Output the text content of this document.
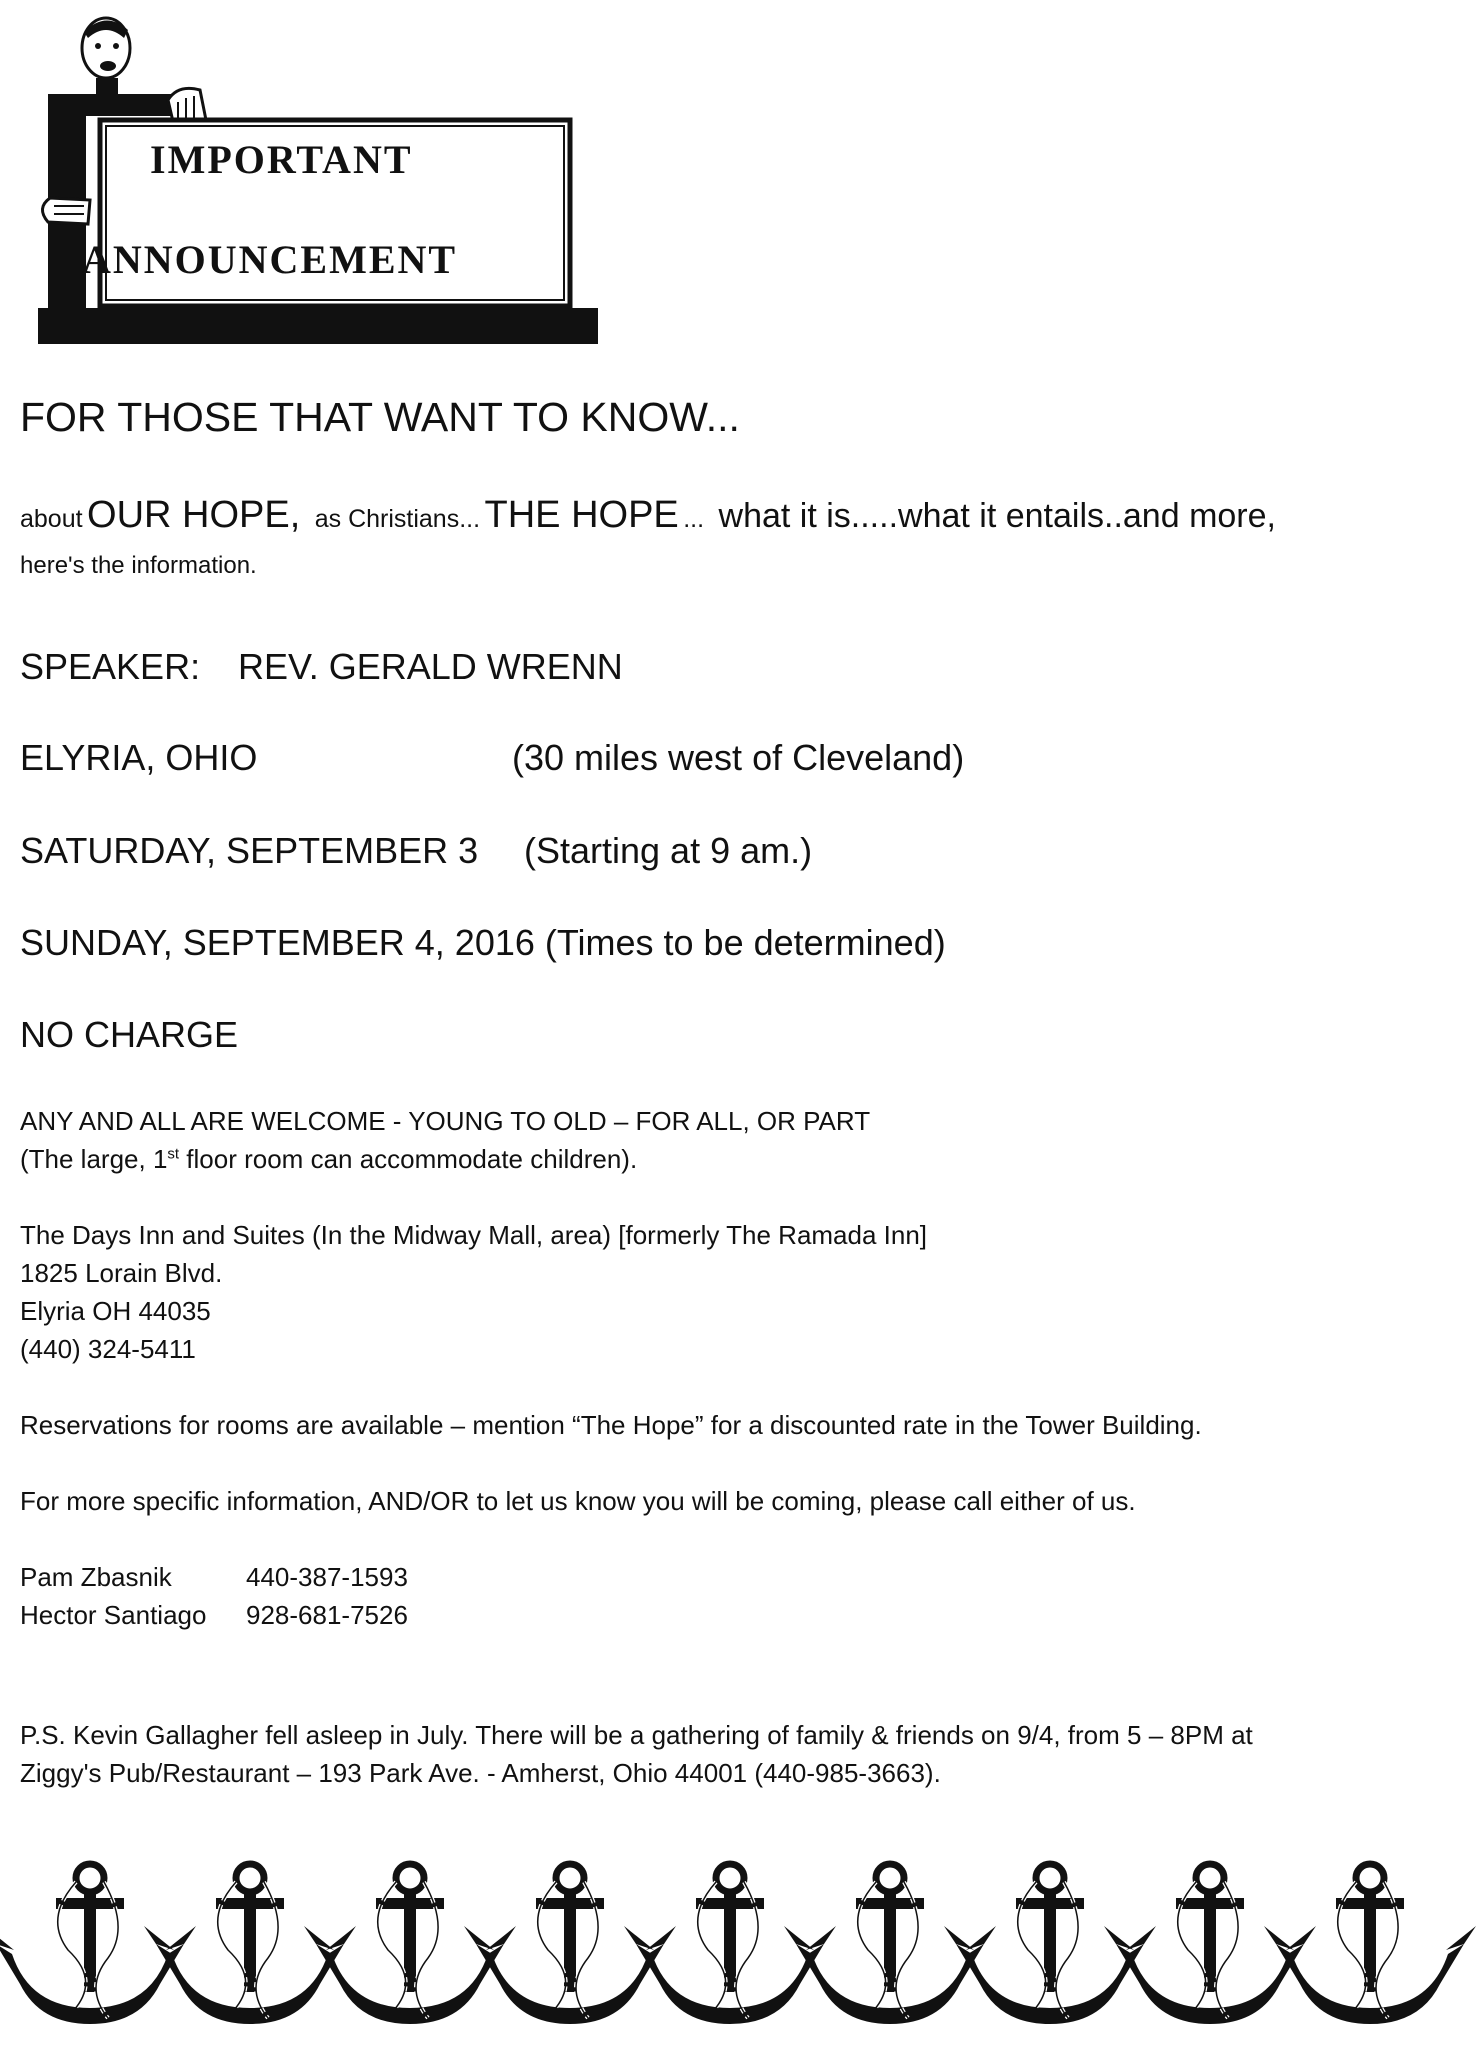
IMPORTANT
ANNOUNCEMENT
FOR THOSE THAT WANT TO KNOW...
about OUR HOPE, as Christians... THE HOPE ... what it is.....what it entails..and more,
here's the information.
SPEAKER: REV. GERALD WRENN
ELYRIA, OHIO	(30 miles west of Cleveland)
SATURDAY, SEPTEMBER 3 (Starting at 9 am.)
SUNDAY, SEPTEMBER 4, 2016 (Times to be determined)
NO CHARGE
ANY AND ALL ARE WELCOME - YOUNG TO OLD – FOR ALL, OR PART
(The large, 1st floor room can accommodate children).
The Days Inn and Suites (In the Midway Mall, area) [formerly The Ramada Inn]
1825 Lorain Blvd.
Elyria OH 44035
(440) 324-5411
Reservations for rooms are available – mention “The Hope” for a discounted rate in the Tower Building.
For more specific information, AND/OR to let us know you will be coming, please call either of us.
Pam Zbasnik	440-387-1593
Hector Santiago 928-681-7526
P.S. Kevin Gallagher fell asleep in July. There will be a gathering of family & friends on 9/4, from 5 – 8PM at
Ziggy's Pub/Restaurant – 193 Park Ave. - Amherst, Ohio 44001 (440-985-3663).
